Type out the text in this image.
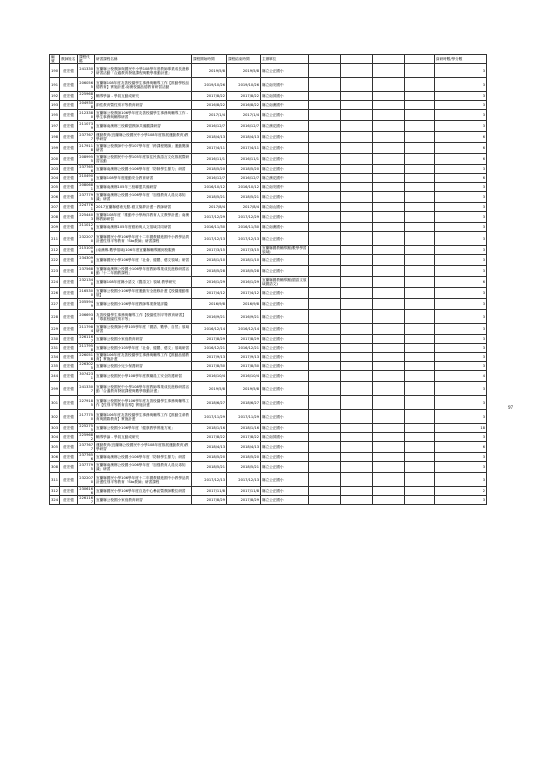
編號	教師姓名	課程代碼	研習課程名稱	課程開始時間	課程結束時間	主辦單位					資研時數/學分數
190	莊宏強	2413307	宜蘭縣公校教師與國民中小學108學年度教師專業成長進修研習活動「合適教育發展課程與數學推動計畫」	2019/5/8	2019/5/8	縣立公正國小					3
191	莊宏強	2060565	宜蘭縣108年度友善校園學生事務與輔導工作【推動學校品德教育】實施計畫-南澳校園品德教育研習活動	2019/10/26	2019/10/26	縣立南安國中					3
192	莊宏強	2259682	輔導學論 - 學員互動成研究	2017/8/22	2017/8/22	縣立南屏國小					3
193	莊宏強	2049308	兩性教育暨性別平等教育研習	2016/8/22	2016/8/22	縣立南澳國中					3
195	莊宏強	2123380	宜蘭縣公校教師106學年度友善校園學生事務與輔導工作 - 學生事務與輔導研習	2017/1/4	2017/1/4	縣立公正國小					3
197	莊宏強	2110739	宜蘭縣南澳鄉三校聯盟教師共備觀課研習	2016/12/7	2016/12/7	縣立澳花國小					3
198	莊宏強	2377677	運動教育(宜蘭縣公校國民中小學108年度推展運動教育)教學研習	2018/4/13	2018/4/13	縣立公正國小					6
199	莊宏強	2179118	宜蘭縣公校教師中小學107學年度「跨課程閱讀」運動閱讀研習	2017/4/11	2017/4/11	縣立公正國小					6
200	莊宏強	2089955	宜蘭縣公校國民中小學105年度原住民族語言文化推展暨研習活動	2016/11/1	2016/11/1	縣立公正國小					6
203	莊宏強	2377656	宜蘭縣南澳鄉公校國小106學年度「防制學生暴力」研習	2018/5/20	2018/5/20	縣立公正國小					3
204	莊宏強	2104900	宜蘭縣108學年度運動安全教育研習	2016/12/7	2016/12/7	縣立澳花國中					6
205	莊宏強	2080681	宜蘭縣南澳鄉105年三校聯盟共備研習	2016/10/12	2016/10/12	縣立南安國中					3
206	莊宏強	2377795	宜蘭縣南澳鄉公校國小106學年度「加強教育人員反毒知識」研習	2018/5/21	2018/5/21	縣立公正國小					3
207	莊宏強	2247761	2017宜蘭縣藝術光點-藝文築夢計畫－教師研習	2017/8/4	2017/8/4	縣立南山國小					3
208	莊宏強	2254403	宜蘭縣108年度「推動中小學海洋教育人文教學計畫」南澳鄉教師研習	2017/12/29	2017/12/29	縣立公正國小					3
209	莊宏強	2110129	宜蘭縣南澳鄉105年度藝術與人文領域共同研習	2016/11/30	2016/11/30	縣立南澳國小					3
211	莊宏強	2322070	宜蘭縣國民小學106學年度十二年國教精進國中小教學品質計畫性別平等教育「Sto教師」研習課程	2017/12/13	2017/12/13	縣立公正國小					3
212	莊宏強	2151009	(南澳鄉-數學領域)106年度宜蘭縣輔導團到校服務	2017/3/15	2017/3/15	宜蘭縣國教輔導團(數學學習領域)					3
222	莊宏強	2343090	宜蘭縣國民小學106學年度「社會、健體、藝文領域」研習	2018/1/10	2018/1/10	縣立公正國小					3
223	莊宏強	2375688	宜蘭縣南澳鄉公校國小106學年度教師專業成長進修研習活動「十二年國教課程」	2018/5/28	2018/5/28	縣立公正國小					3
224	莊宏強	2321340	宜蘭縣108年度縣小語文《閩語文》領域 教學研究	2016/1/29	2016/1/29	宜蘭縣國教輔導團(閩語文領域國語文)					6
226	莊宏強	2165300	宜蘭縣公校國小106學年度運動安全進修計畫【校園運動推展】	2017/4/12	2017/4/12	縣立公正國小					3
227	莊宏強	2055949	宜蘭縣公校國小106學年度教師專業發展評鑑	2016/9/8	2016/9/8	縣立公正國小					3
228	莊宏強	2066938	友善校園學生事務與輔導工作【校園性別平等教育研習】「尊重校園性別平等」	2016/9/21	2016/9/21	縣立公正國小					3
229	莊宏強	2117984	宜蘭縣公校教師小學105學年度「國語、數學、自然」領域研習	2016/12/14	2016/12/14	縣立公正國小					3
230	莊宏強	2261167	宜蘭縣公校國小家庭教育研習	2017/8/29	2017/8/29	縣立公正國小					3
231	莊宏強	2117958	宜蘭縣公校國小105學年度「社會、健體、藝文」領域研習	2016/12/21	2016/12/21	縣立公正國小					3
234	莊宏強	2260518	宜蘭縣106年度友善校園學生事務與輔導工作【推動品德教育】實施計畫	2017/9/13	2017/9/13	縣立公正國小					3
235	莊宏強	2263025	宜蘭縣公校國小兒少保護研習	2017/8/30	2017/8/30	縣立公正國小					3
244	莊宏強	3074231	宜蘭縣公校國民小學108學年度教職員工安全防護研習	2016/10/4	2016/10/4	縣立公正國小					4
299	莊宏強	2413307	宜蘭縣公校國民中小學108學年度教師專業成長進修研習活動「合適教育發展課程與數學推動計畫」	2019/5/8	2019/5/8	縣立公正國小					3
301	莊宏強	2279185	宜蘭縣公校國民小學106學年度友善校園學生事務與輔導工作【性別平等教育宣導】實施計畫	2018/6/27	2018/6/27	縣立公正國小					3
302	莊宏強	2177750	宜蘭縣106年度友善校園學生事務與輔導工作【推動生命教育與國際教育】實施計畫	2017/11/29	2017/11/29	縣立公正國小					3
303	莊宏強	2252755	宜蘭縣公校國小106學年度「健康教學實施方案」	2018/1/16	2018/1/16	縣立公正國小					18
304	莊宏強	2259682	輔導學論 - 學員互動成研究	2017/8/22	2017/8/22	縣立南屏國小					3
305	莊宏強	2377677	運動教育(宜蘭縣公校國民中小學108年度推展運動教育)教學研習	2018/4/13	2018/4/13	縣立公正國小					6
306	莊宏強	2377656	宜蘭縣南澳鄉公校國小106學年度「防制學生暴力」研習	2018/5/20	2018/5/20	縣立公正國小					3
308	莊宏強	2377795	宜蘭縣南澳鄉公校國小106學年度「加強教育人員反毒知識」研習	2018/5/21	2018/5/21	縣立公正國小					3
311	莊宏強	2322070	宜蘭縣國民小學106學年度十二年國教精進國中小教學品質計畫性別平等教育「Sto教師」研習課程	2017/12/13	2017/12/13	縣立公正國小					3
312	莊宏強	2306166	宜蘭縣國民小學106學年度自造中心參訪暨教師數位研習	2017/11/8	2017/11/8	縣立公正國小					2
324	莊宏強	2261167	宜蘭縣公校國小家庭教育研習	2017/8/29	2017/8/29	縣立公正國小					3
97
